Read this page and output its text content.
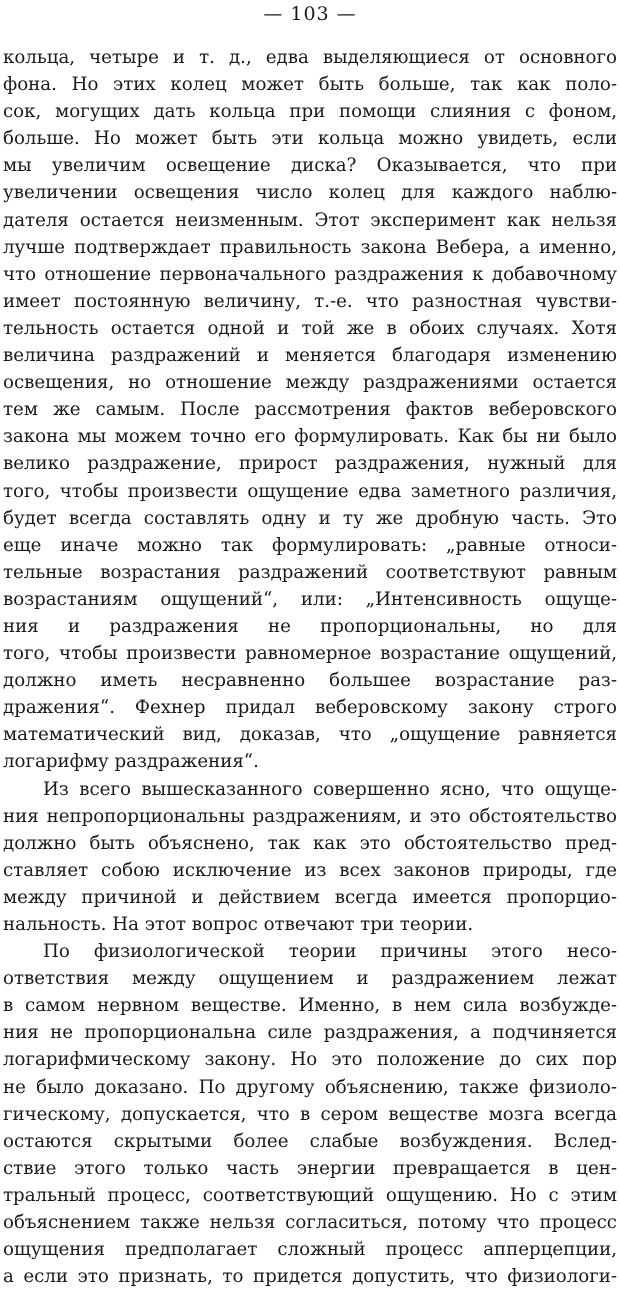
— 103 —
кольца, четыре и т. д., едва выделяющиеся от основного
фона. Но этих колец может быть больше, так как поло-
сок, могущих дать кольца при помощи слияния с фоном,
больше. Но может быть эти кольца можно увидеть, если
мы увеличим освещение диска? Оказывается, что при
увеличении освещения число колец для каждого наблю-
дателя остается неизменным. Этот эксперимент как нельзя
лучше подтверждает правильность закона Вебера, а именно,
что отношение первоначального раздражения к добавочному
имеет постоянную величину, т.-е. что разностная чувстви-
тельность остается одной и той же в обоих случаях. Хотя
величина раздражений и меняется благодаря изменению
освещения, но отношение между раздражениями остается
тем же самым. После рассмотрения фактов веберовского
закона мы можем точно его формулировать. Как бы ни было
велико раздражение, прирост раздражения, нужный для
того, чтобы произвести ощущение едва заметного различия,
будет всегда составлять одну и ту же дробную часть. Это
еще иначе можно так формулировать: „равные относи-
тельные возрастания раздражений соответствуют равным
возрастаниям ощущений“, или: „Интенсивность ощуще-
ния и раздражения не пропорциональны, но для
того, чтобы произвести равномерное возрастание ощущений,
должно иметь несравненно большее возрастание раз-
дражения“. Фехнер придал веберовскому закону строго
математический вид, доказав, что „ощущение равняется
логарифму раздражения“.
Из всего вышесказанного совершенно ясно, что ощуще-
ния непропорциональны раздражениям, и это обстоятельство
должно быть объяснено, так как это обстоятельство пред-
ставляет собою исключение из всех законов природы, где
между причиной и действием всегда имеется пропорцио-
нальность. На этот вопрос отвечают три теории.
По физиологической теории причины этого несо-
ответствия между ощущением и раздражением лежат
в самом нервном веществе. Именно, в нем сила возбужде-
ния не пропорциональна силе раздражения, а подчиняется
логарифмическому закону. Но это положение до сих пор
не было доказано. По другому объяснению, также физиоло-
гическому, допускается, что в сером веществе мозга всегда
остаются скрытыми более слабые возбуждения. Вслед-
ствие этого только часть энергии превращается в цен-
тральный процесс, соответствующий ощущению. Но с этим
объяснением также нельзя согласиться, потому что процесс
ощущения предполагает сложный процесс апперцепции,
а если это признать, то придется допустить, что физиологи-
